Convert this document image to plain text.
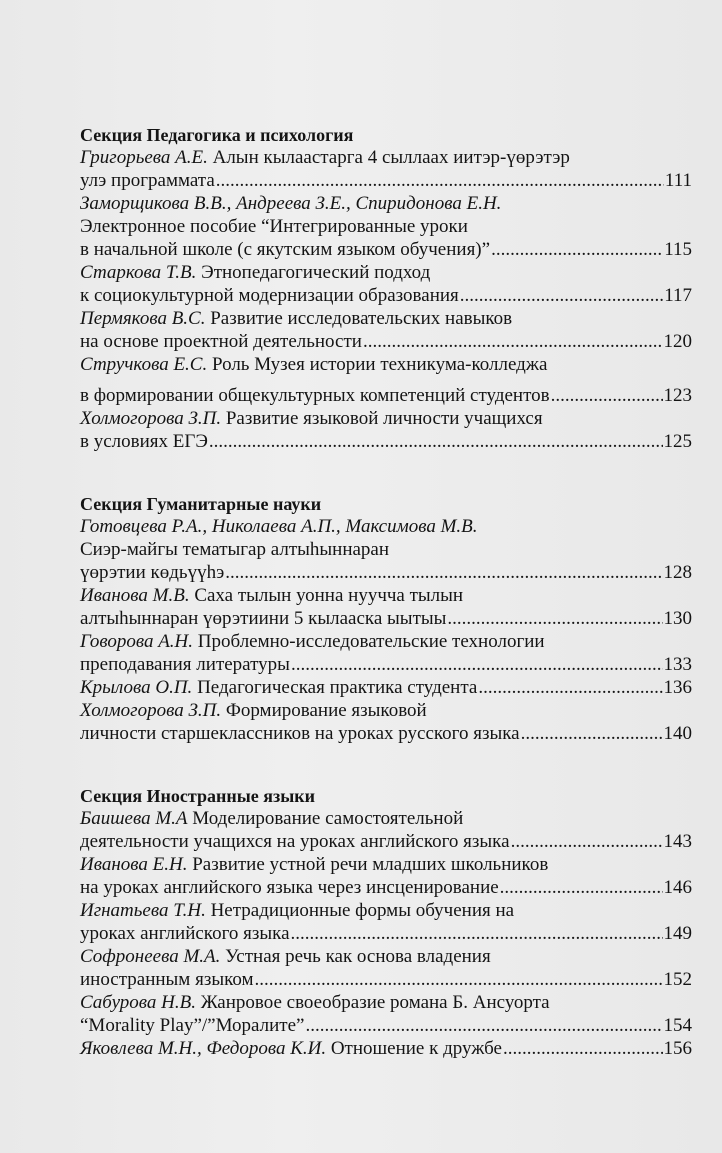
Секция Педагогика и психология

Григорьева А.Е. Алын кылаастарга 4 сыллаах иитэр-үөрэтэр
улэ программата .....	111
Заморщикова В.В., Андреева З.Е., Спиридонова Е.Н.
Электронное пособие “Интегрированные уроки
в начальной школе (с якутским языком обучения)” .....	115
Старкова Т.В. Этнопедагогический подход
к социокультурной модернизации образования .....	117
Пермякова В.С. Развитие исследовательских навыков
на основе проектной деятельности .....	120
Стручкова Е.С. Роль Музея истории техникума-колледжа
в формировании общекультурных компетенций студентов .....	123
Холмогорова З.П. Развитие языковой личности учащихся
в условиях ЕГЭ .....	125

Секция Гуманитарные науки

Готовцева Р.А., Николаева А.П., Максимова М.В.
Сиэр-майгы тематыгар алтыһыннаран
үөрэтии көдьүүһэ .....	128
Иванова М.В. Саха тылын уонна нуучча тылын
алтыһыннаран үөрэтиини 5 кылааска ыытыы .....	130
Говорова А.Н. Проблемно-исследовательские технологии
преподавания литературы .....	133
Крылова О.П. Педагогическая практика студента .....	136
Холмогорова З.П. Формирование языковой
личности старшеклассников на уроках русского языка .....	140

Секция Иностранные языки

Баишева М.А Моделирование самостоятельной
деятельности учащихся на уроках английского языка .....	143
Иванова Е.Н. Развитие устной речи младших школьников
на уроках английского языка через инсценирование .....	146
Игнатьева Т.Н. Нетрадиционные формы обучения на
уроках английского языка .....	149
Софронеева М.А. Устная речь как основа владения
иностранным языком .....	152
Сабурова Н.В. Жанровое своеобразие романа Б. Ансуорта
“Morality Play”/”Моралите” .....	154
Яковлева М.Н., Федорова К.И. Отношение к дружбе .....	156
